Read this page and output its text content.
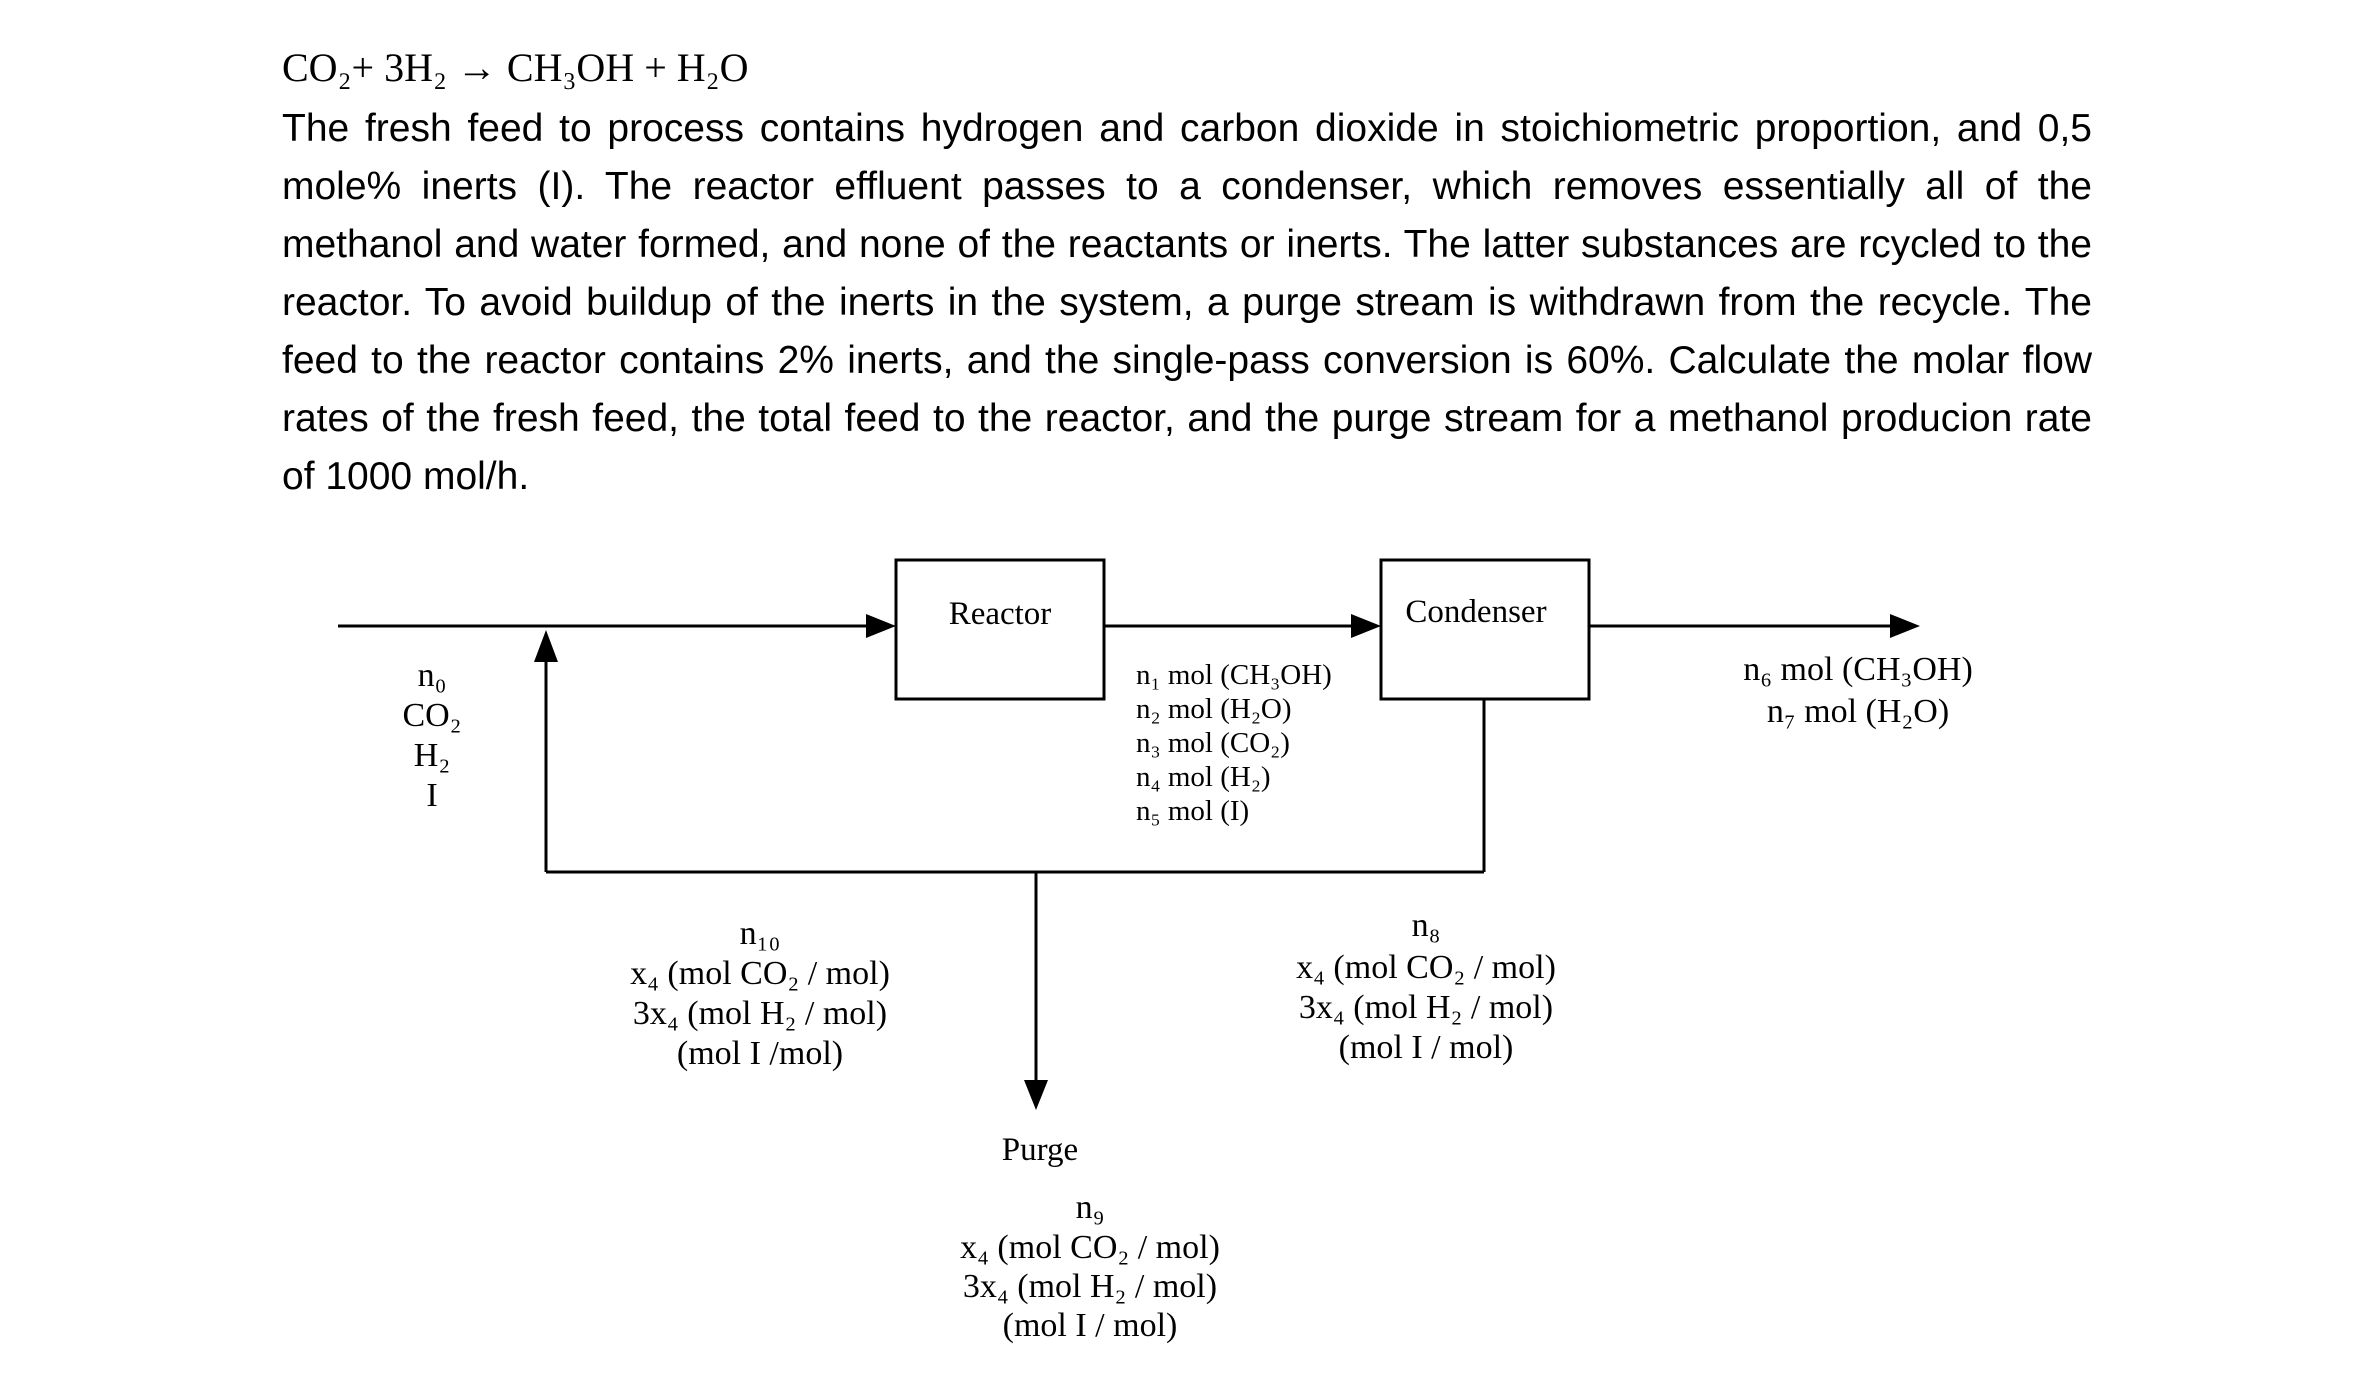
CO₂+ 3H₂ → CH₃OH + H₂O
The fresh feed to process contains hydrogen and carbon dioxide in stoichiometric proportion, and 0,5 mole% inerts (I). The reactor effluent passes to a condenser, which removes essentially all of the methanol and water formed, and none of the reactants or inerts. The latter substances are rcycled to the reactor. To avoid buildup of the inerts in the system, a purge stream is withdrawn from the recycle. The feed to the reactor contains 2% inerts, and the single-pass conversion is 60%. Calculate the molar flow rates of the fresh feed, the total feed to the reactor, and the purge stream for a methanol producion rate of 1000 mol/h.
Reactor	Condenser
n₀
CO₂
H₂
I
n₁ mol (CH₃OH)
n₂ mol (H₂O)
n₃ mol (CO₂)
n₄ mol (H₂)
n₅ mol (I)
n₆ mol (CH₃OH)
n₇ mol (H₂O)
n₁₀
x₄ (mol CO₂ / mol)
3x₄ (mol H₂ / mol)
(mol I /mol)
n₈
x₄ (mol CO₂ / mol)
3x₄ (mol H₂ / mol)
(mol I / mol)
Purge
n₉
x₄ (mol CO₂ / mol)
3x₄ (mol H₂ / mol)
(mol I / mol)
